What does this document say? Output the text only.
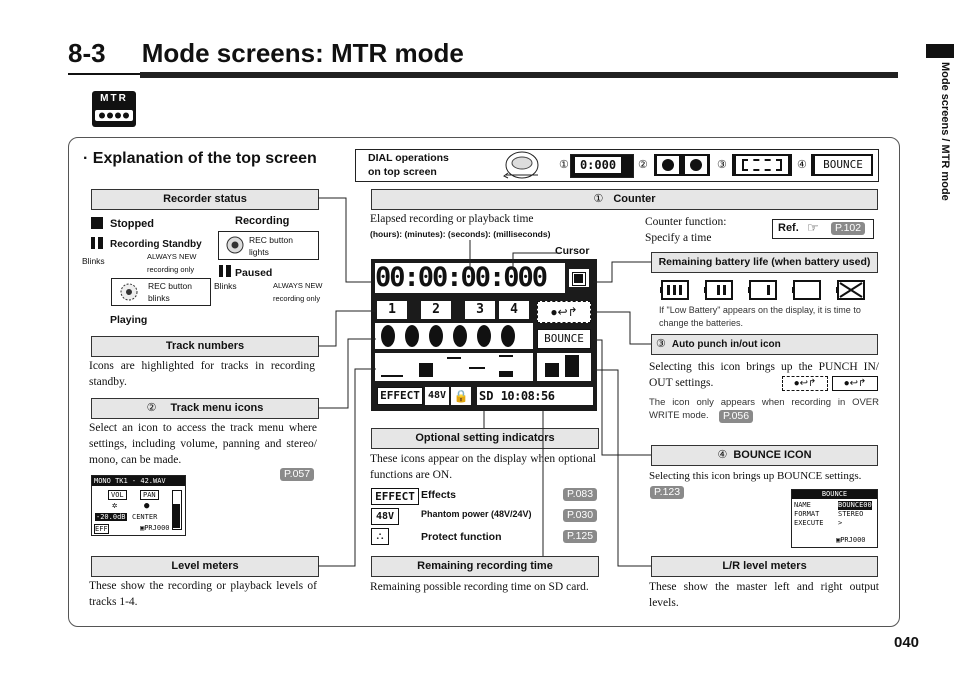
8-3     Mode screens: MTR mode
Mode screens / MTR mode
040
MTR
· Explanation of the top screen	DIAL operations
on top screen
① 0:000	②	③	④	BOUNCE
Recorder status
Stopped	Recording
REC button lights
Recording Standby
Blinks	ALWAYS NEW
recording only
REC button blinks
Paused
Blinks	ALWAYS NEW
recording only
Playing
Track numbers
Icons are highlighted for tracks in recording standby.
② Track menu icons
Select an icon to access the track menu where settings, including volume, panning and stereo/ mono, can be made.
P.057
MONO TK1 - 42.WAV
VOL	PAN
✲	●
-20.0dB CENTER
EFF	▣PRJ000
Level meters
These show the recording or playback levels of tracks 1-4.
Elapsed recording or playback time
(hours): (minutes): (seconds): (milliseconds)
Cursor
00:00:00:000
1	2	3	4	●↩↱
BOUNCE
EFFECT 48V 🔒 SD 10:08:56
Optional setting indicators
These icons appear on the display when optional functions are ON.
EFFECT Effects	P.083
48V	Phantom power (48V/24V)	P.030
⛬	Protect function	P.125
Remaining recording time
Remaining possible recording time on SD card.
① Counter
Counter function:
Specify a time
Ref. ☞	P.102
Remaining battery life (when battery used)
If "Low Battery" appears on the display, it is time to change the batteries.
③ Auto punch in/out icon
Selecting this icon brings up the PUNCH IN/ OUT settings.	●↩↱	●↩↱
The icon only appears when recording in OVER WRITE mode.	P.056
④ BOUNCE ICON
Selecting this icon brings up BOUNCE settings.
P.123	BOUNCE
NAME	BOUNCE00
FORMAT	STEREO
EXECUTE >
▣PRJ000
L/R level meters
These show the master left and right output levels.
